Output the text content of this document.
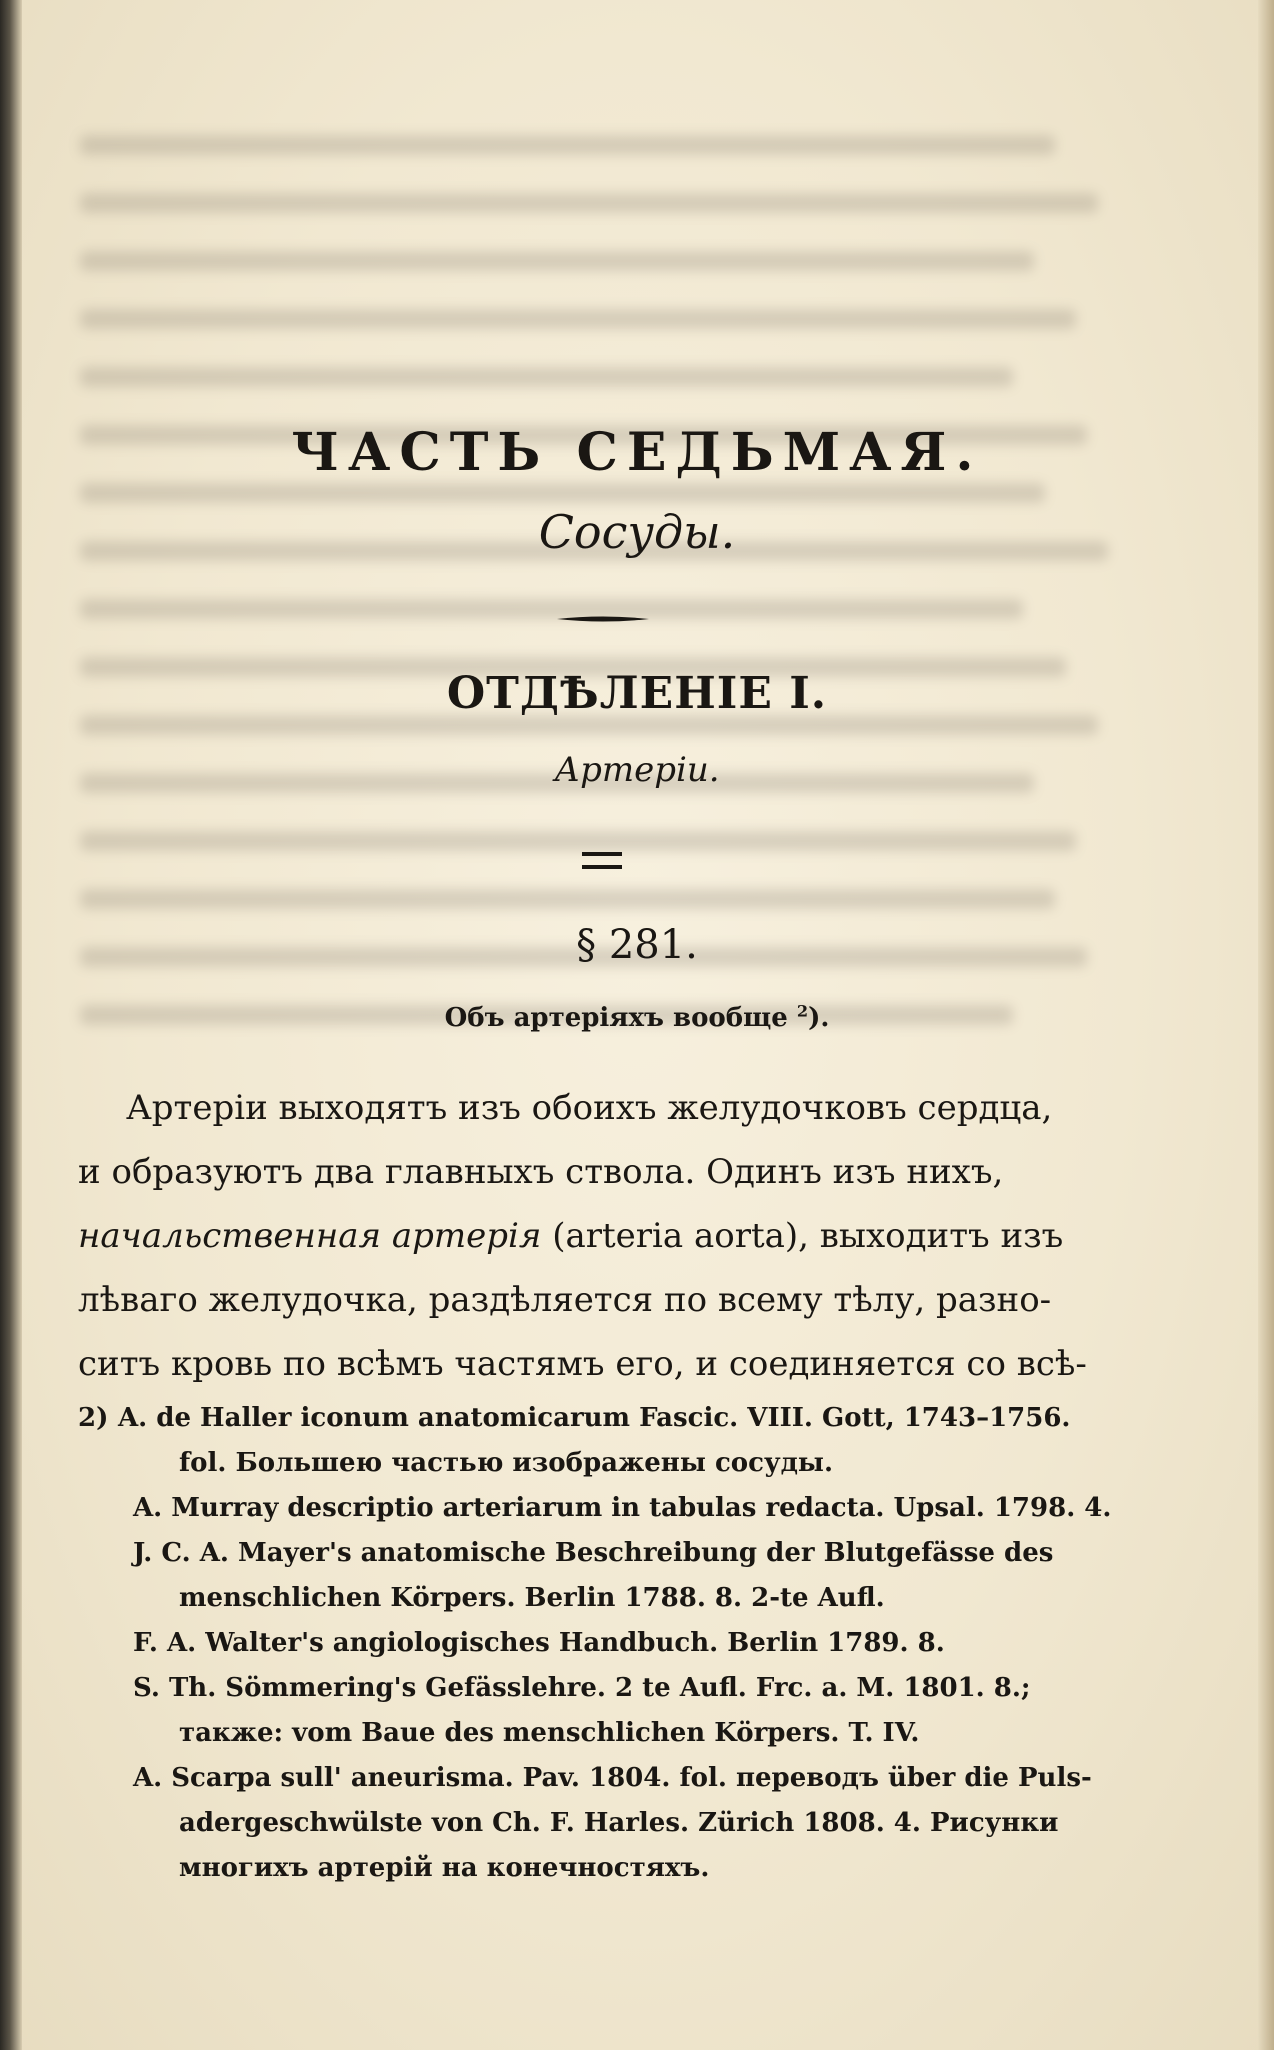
ЧАСТЬ СЕДЬМАЯ.
Сосуды.
ОТДѢЛЕНІЕ I.
Артеріи.
§ 281.
Объ артеріяхъ вообще $^2$).
Артеріи выходятъ изъ обоихъ желудочковъ сердца,
и образуютъ два главныхъ ствола. Одинъ изъ нихъ,
начальственная артерія (arteria aorta), выходитъ изъ
лѣваго желудочка, раздѣляется по всему тѣлу, разно-
ситъ кровь по всѣмъ частямъ его, и соединяется со всѣ-
2) A. de Haller iconum anatomicarum Fascic. VIII. Gott, 1743–1756.
fol. Большею частью изображены сосуды.
A. Murray descriptio arteriarum in tabulas redacta. Upsal. 1798. 4.
J. C. A. Mayer's anatomische Beschreibung der Blutgefässe des
menschlichen Körpers. Berlin 1788. 8. 2-te Aufl.
F. A. Walter's angiologisches Handbuch. Berlin 1789. 8.
S. Th. Sömmering's Gefässlehre. 2 te Aufl. Frc. a. M. 1801. 8.;
также: vom Baue des menschlichen Körpers. T. IV.
A. Scarpa sull' aneurisma. Pav. 1804. fol. переводъ über die Puls-
adergeschwülste von Ch. F. Harles. Zürich 1808. 4. Рисунки
многихъ артерій на конечностяхъ.
